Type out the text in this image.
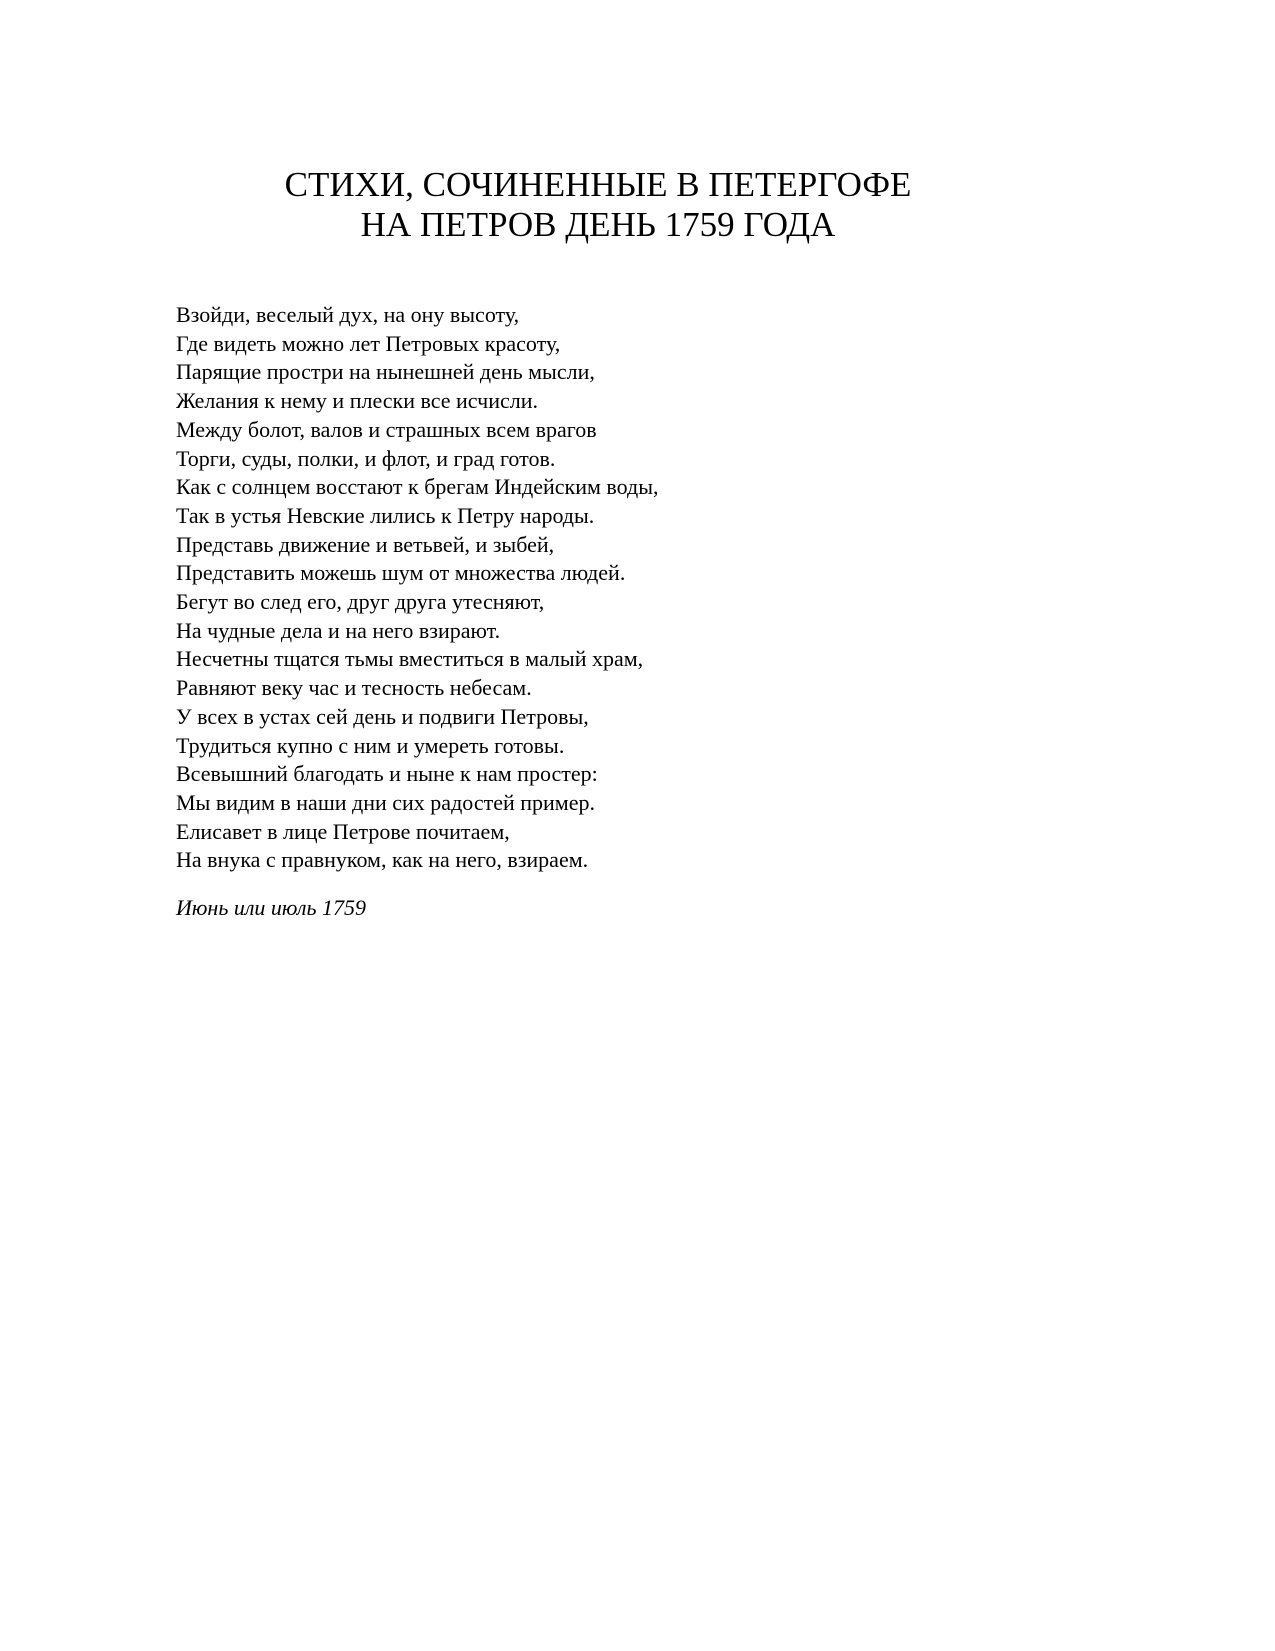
СТИХИ, СОЧИНЕННЫЕ В ПЕТЕРГОФЕ
НА ПЕТРОВ ДЕНЬ 1759 ГОДА
Взойди, веселый дух, на ону высоту,
Где видеть можно лет Петровых красоту,
Парящие простри на нынешней день мысли,
Желания к нему и плески все исчисли.
Между болот, валов и страшных всем врагов
Торги, суды, полки, и флот, и град готов.
Как с солнцем восстают к брегам Индейским воды,
Так в устья Невские лились к Петру народы.
Представь движение и ветьвей, и зыбей,
Представить можешь шум от множества людей.
Бегут во след его, друг друга утесняют,
На чудные дела и на него взирают.
Несчетны тщатся тьмы вместиться в малый храм,
Равняют веку час и тесность небесам.
У всех в устах сей день и подвиги Петровы,
Трудиться купно с ним и умереть готовы.
Всевышний благодать и ныне к нам простер:
Мы видим в наши дни сих радостей пример.
Елисавет в лице Петрове почитаем,
На внука с правнуком, как на него, взираем.
Июнь или июль 1759
